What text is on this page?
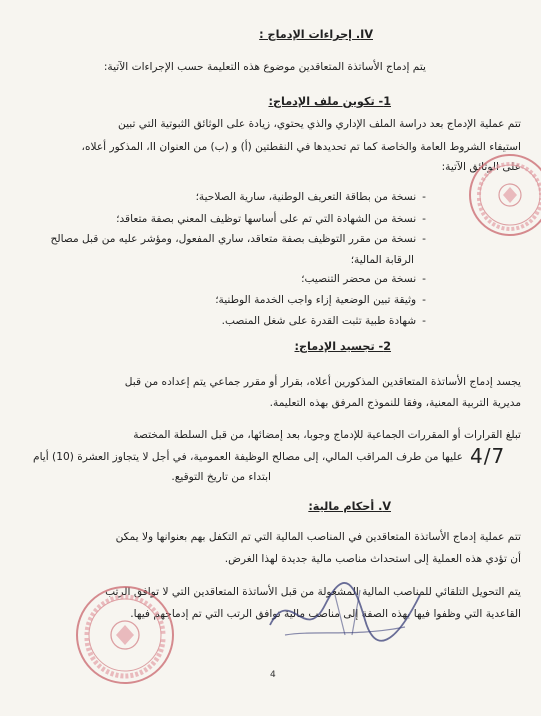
IV. إجراءات الإدماج :
يتم إدماج الأساتذة المتعاقدين موضوع هذه التعليمة حسب الإجراءات الآتية:
1- تكوين ملف الإدماج:
تتم عملية الإدماج بعد دراسة الملف الإداري والذي يحتوي، زيادة على الوثائق الثبوتية التي تبين
استيفاء الشروط العامة والخاصة كما تم تحديدها في النقطتين (أ) و (ب) من العنوان II، المذكور أعلاه،
على الوثائق الآتية:
-نسخة من بطاقة التعريف الوطنية، سارية الصلاحية؛
-نسخة من الشهادة التي تم على أساسها توظيف المعني بصفة متعاقد؛
-نسخة من مقرر التوظيف بصفة متعاقد، ساري المفعول، ومؤشر عليه من قبل مصالح
الرقابة المالية؛
-نسخة من محضر التنصيب؛
-وثيقة تبين الوضعية إزاء واجب الخدمة الوطنية؛
-شهادة طبية تثبت القدرة على شغل المنصب.
2- تجسيد الإدماج:
يجسد إدماج الأساتذة المتعاقدين المذكورين أعلاه، بقرار أو مقرر جماعي يتم إعداده من قبل
مديرية التربية المعنية، وفقا للنموذج المرفق بهذه التعليمة.
تبلغ القرارات أو المقررات الجماعية للإدماج وجوبا، بعد إمضائها، من قبل السلطة المختصة
عليها من طرف المراقب المالي، إلى مصالح الوظيفة العمومية، في أجل لا يتجاوز العشرة (10) أيام
ابتداء من تاريخ التوقيع.
4/7
V. أحكام مالية:
تتم عملية إدماج الأساتذة المتعاقدين في المناصب المالية التي تم التكفل بهم بعنوانها ولا يمكن
أن تؤدي هذه العملية إلى استحداث مناصب مالية جديدة لهذا الغرض.
يتم التحويل التلقائي للمناصب المالية المشغولة من قبل الأساتذة المتعاقدين التي لا توافق الرتب
القاعدية التي وظفوا فيها بهذه الصفة إلى مناصب مالية توافق الرتب التي تم إدماجهم فيها.
4
